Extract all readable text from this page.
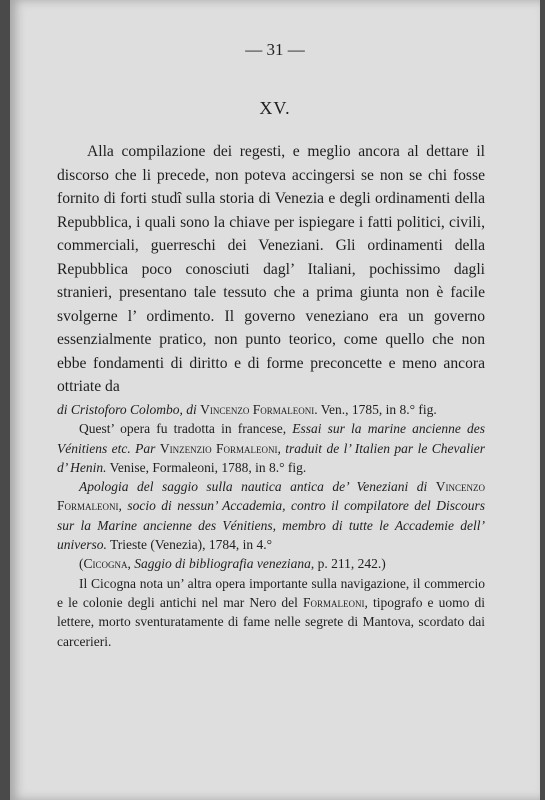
— 31 —
XV.

Alla compilazione dei regesti, e meglio ancora al dettare il discorso che li precede, non poteva accingersi se non se chi fosse fornito di forti studî sulla storia di Venezia e degli ordinamenti della Repubblica, i quali sono la chiave per ispiegare i fatti politici, civili, commerciali, guerreschi dei Veneziani. Gli ordinamenti della Repubblica poco conosciuti dagl’ Italiani, pochissimo dagli stranieri, presentano tale tessuto che a prima giunta non è facile svolgerne l’ ordimento. Il governo veneziano era un governo essenzialmente pratico, non punto teorico, come quello che non ebbe fondamenti di diritto e di forme preconcette e meno ancora ottriate da

di Cristoforo Colombo, di Vincenzo Formaleoni. Ven., 1785, in 8.° fig.

Quest’ opera fu tradotta in francese, Essai sur la marine ancienne des Vénitiens etc. Par Vinzenzio Formaleoni, traduit de l’ Italien par le Chevalier d’ Henin. Venise, Formaleoni, 1788, in 8.° fig.

Apologia del saggio sulla nautica antica de’ Veneziani di Vincenzo Formaleoni, socio di nessun’ Accademia, contro il compilatore del Discours sur la Marine ancienne des Vénitiens, membro di tutte le Accademie dell’ universo. Trieste (Venezia), 1784, in 4.°

(Cicogna, Saggio di bibliografia veneziana, p. 211, 242.)

Il Cicogna nota un’ altra opera importante sulla navigazione, il commercio e le colonie degli antichi nel mar Nero del Formaleoni, tipografo e uomo di lettere, morto sventuratamente di fame nelle segrete di Mantova, scordato dai carcerieri.
